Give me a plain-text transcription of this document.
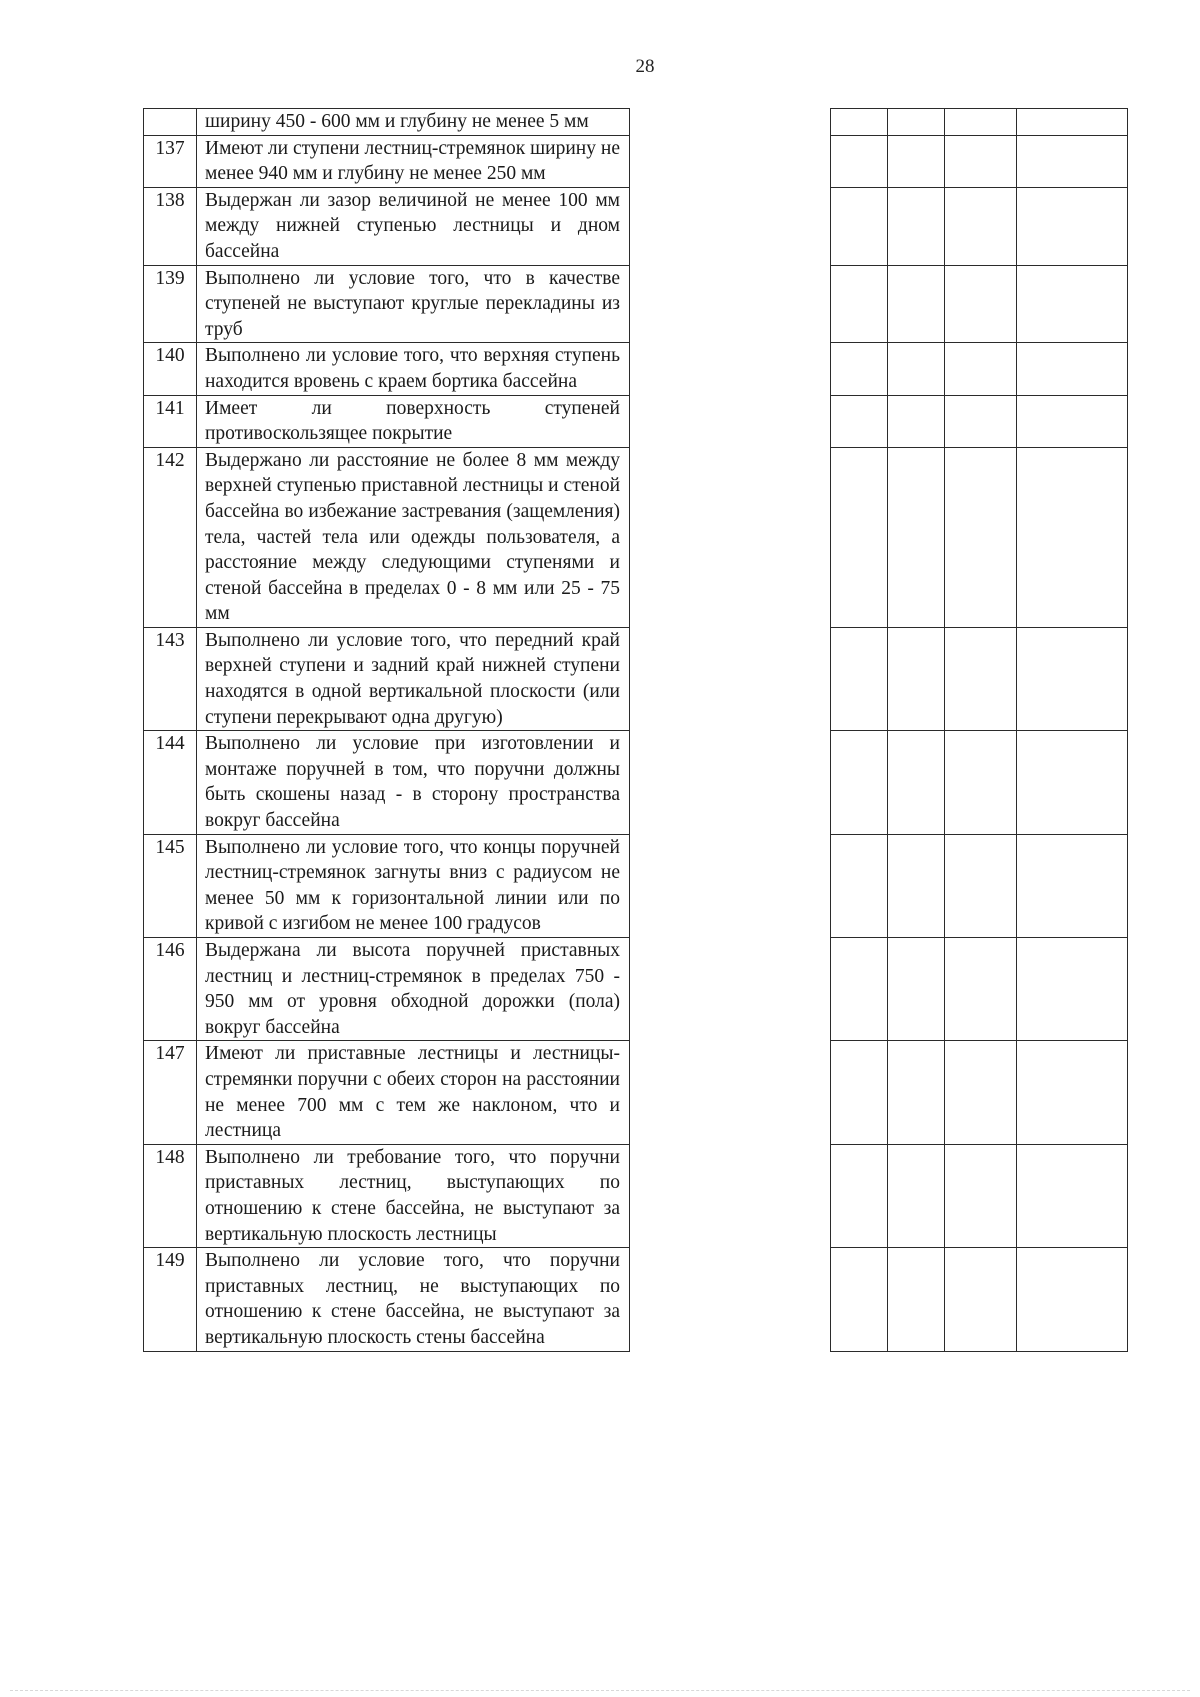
28
	ширину 450 - 600 мм и глубину не менее 5 мм
137	Имеют ли ступени лестниц-стремянок ширину не менее 940 мм и глубину не менее 250 мм
138	Выдержан ли зазор величиной не менее 100 мм между нижней ступенью лестницы и дном бассейна
139	Выполнено ли условие того, что в качестве ступеней не выступают круглые перекладины из труб
140	Выполнено ли условие того, что верхняя ступень находится вровень с краем бортика бассейна
141	Имеет ли поверхность ступеней противоскользящее покрытие
142	Выдержано ли расстояние не более 8 мм между верхней ступенью приставной лестницы и стеной бассейна во избежание застревания (защемления) тела, частей тела или одежды пользователя, а расстояние между следующими ступенями и стеной бассейна в пределах 0 - 8 мм или 25 - 75 мм
143	Выполнено ли условие того, что передний край верхней ступени и задний край нижней ступени находятся в одной вертикальной плоскости (или ступени перекрывают одна другую)
144	Выполнено ли условие при изготовлении и монтаже поручней в том, что поручни должны быть скошены назад - в сторону пространства вокруг бассейна
145	Выполнено ли условие того, что концы поручней лестниц-стремянок загнуты вниз с радиусом не менее 50 мм к горизонтальной линии или по кривой с изгибом не менее 100 градусов
146	Выдержана ли высота поручней приставных лестниц и лестниц-стремянок в пределах 750 - 950 мм от уровня обходной дорожки (пола) вокруг бассейна
147	Имеют ли приставные лестницы и лестницы-стремянки поручни с обеих сторон на расстоянии не менее 700 мм с тем же наклоном, что и лестница
148	Выполнено ли требование того, что поручни приставных лестниц, выступающих по отношению к стене бассейна, не выступают за вертикальную плоскость лестницы
149	Выполнено ли условие того, что поручни приставных лестниц, не выступающих по отношению к стене бассейна, не выступают за вертикальную плоскость стены бассейна
